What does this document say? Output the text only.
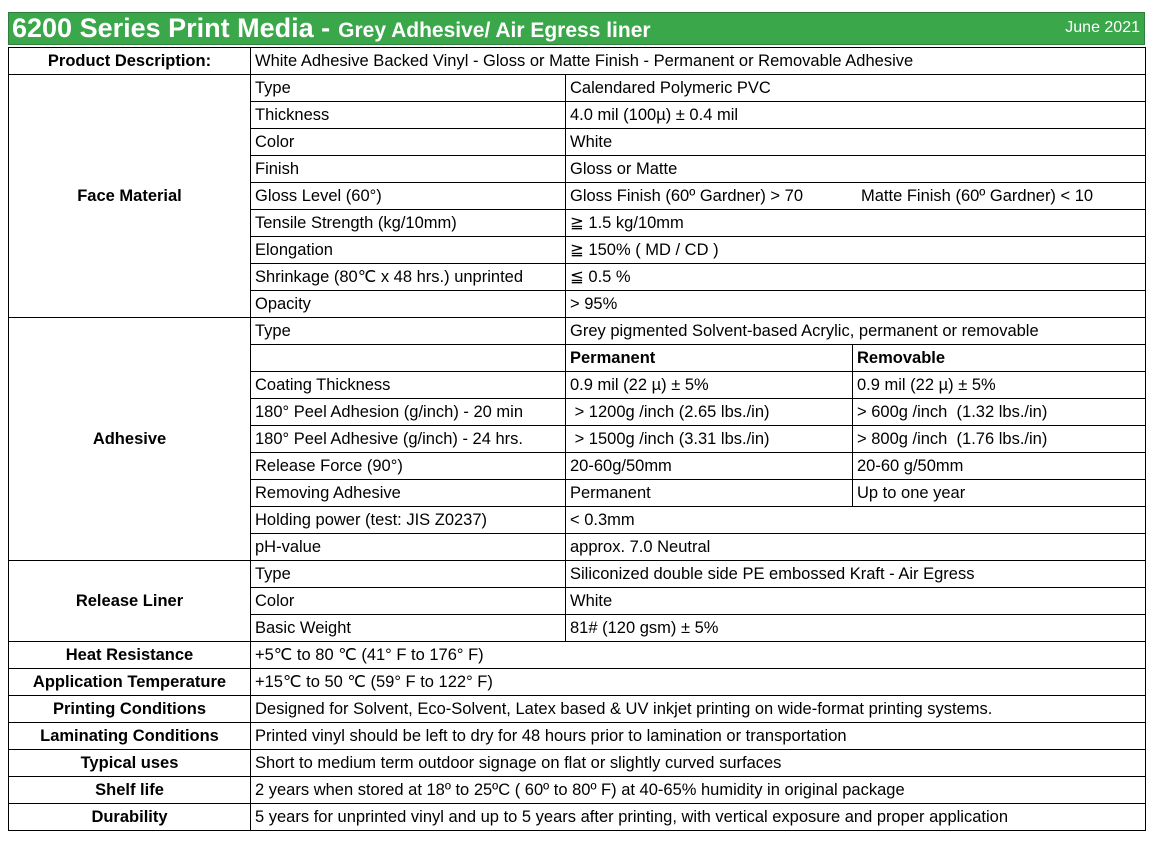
6200 Series Print Media - Grey Adhesive/ Air Egress liner	June 2021
Product Description:	White Adhesive Backed Vinyl - Gloss or Matte Finish - Permanent or Removable Adhesive		
Face Material	Type	Calendared Polymeric PVC	
	Thickness	4.0 mil (100µ) ± 0.4 mil	
	Color	White	
	Finish	Gloss or Matte	
	Gloss Level (60°)	Gloss Finish (60º Gardner) > 70 Matte Finish (60º Gardner) < 10	
	Tensile Strength (kg/10mm)	≧ 1.5 kg/10mm	
	Elongation	≧ 150% ( MD / CD )	
	Shrinkage (80℃ x 48 hrs.) unprinted	≦ 0.5 %	
	Opacity	> 95%	
Adhesive	Type	Grey pigmented Solvent-based Acrylic, permanent or removable	
		Permanent	Removable
	Coating Thickness	0.9 mil (22 µ) ± 5%	0.9 mil (22 µ) ± 5%
	180° Peel Adhesion (g/inch) - 20 min	> 1200g /inch (2.65 lbs./in)	> 600g /inch  (1.32 lbs./in)
	180° Peel Adhesive (g/inch) - 24 hrs.	> 1500g /inch (3.31 lbs./in)	> 800g /inch  (1.76 lbs./in)
	Release Force (90°)	20-60g/50mm	20-60 g/50mm
	Removing Adhesive	Permanent	Up to one year
	Holding power (test: JIS Z0237)	< 0.3mm	
	pH-value	approx. 7.0 Neutral	
Release Liner	Type	Siliconized double side PE embossed Kraft - Air Egress	
	Color	White	
	Basic Weight	81# (120 gsm) ± 5%	
Heat Resistance	+5℃ to 80 ℃ (41° F to 176° F)		
Application Temperature	+15℃ to 50 ℃ (59° F to 122° F)		
Printing Conditions	Designed for Solvent, Eco-Solvent, Latex based & UV inkjet printing on wide-format printing systems.		
Laminating Conditions	Printed vinyl should be left to dry for 48 hours prior to lamination or transportation		
Typical uses	Short to medium term outdoor signage on flat or slightly curved surfaces		
Shelf life	2 years when stored at 18º to 25ºC ( 60º to 80º F) at 40-65% humidity in original package		
Durability	5 years for unprinted vinyl and up to 5 years after printing, with vertical exposure and proper application		
